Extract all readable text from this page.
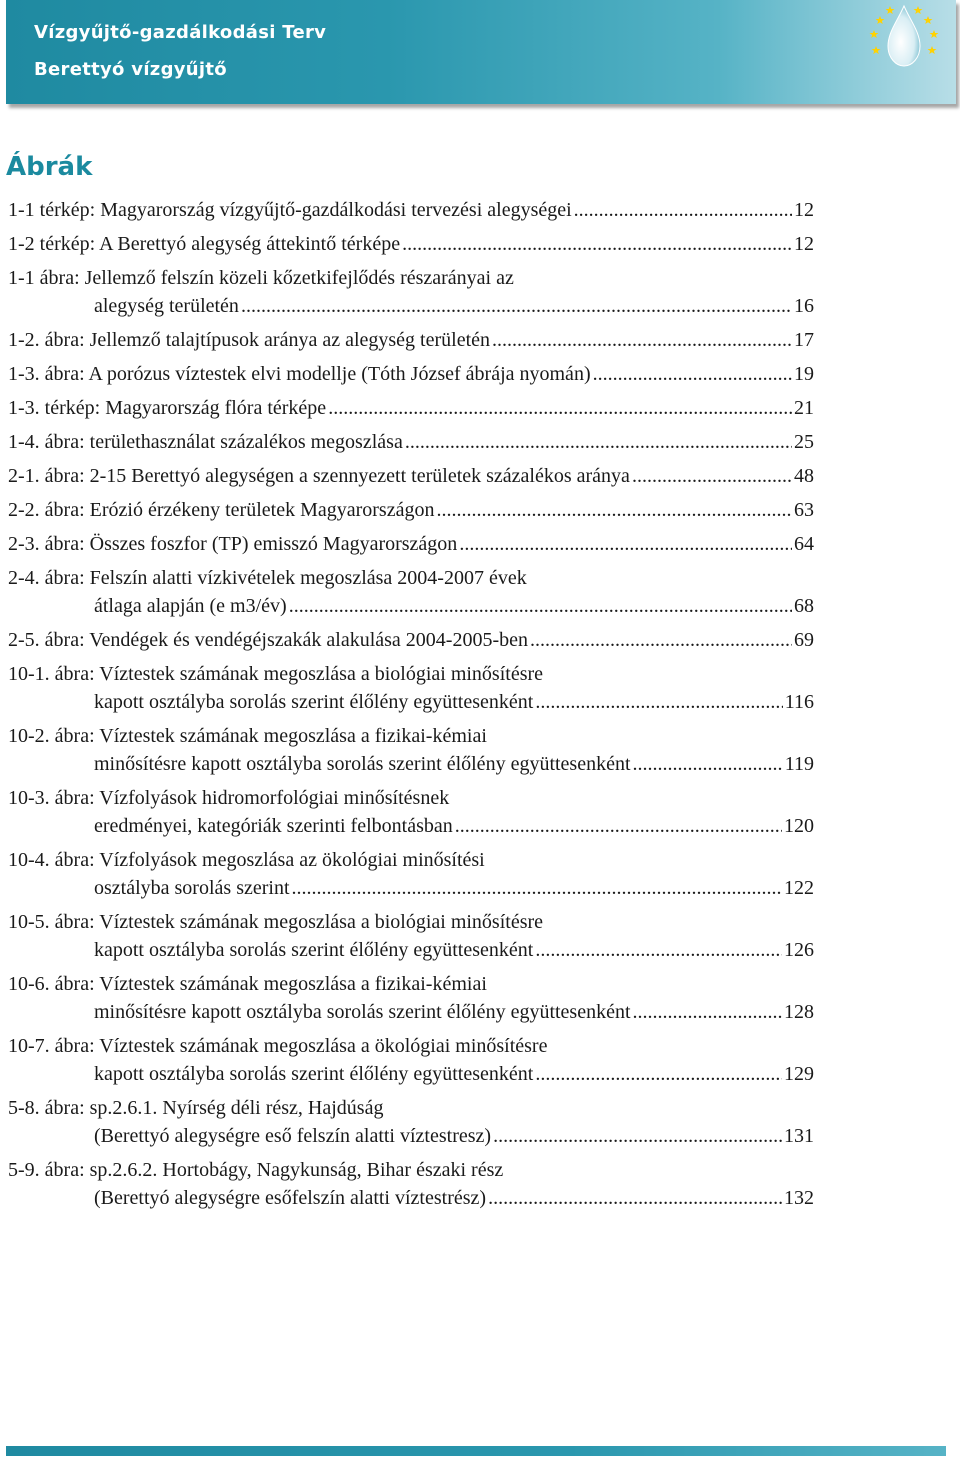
Vízgyűjtő-gazdálkodási Terv
Berettyó vízgyűjtő
Ábrák
1-1 térkép: Magyarország vízgyűjtő-gazdálkodási tervezési alegységei .....	12
1-2 térkép: A Berettyó alegység áttekintő térképe .....	12
1-1 ábra: Jellemző felszín közeli kőzetkifejlődés részarányai az
alegység területén .....	16
1-2. ábra: Jellemző talajtípusok aránya az alegység területén .....	17
1-3. ábra: A porózus víztestek elvi modellje (Tóth József ábrája nyomán) .....	19
1-3. térkép: Magyarország flóra térképe .....	21
1-4. ábra: területhasználat százalékos megoszlása .....	25
2-1. ábra: 2-15 Berettyó alegységen a szennyezett területek százalékos aránya .....	48
2-2. ábra: Erózió érzékeny területek Magyarországon .....	63
2-3. ábra: Összes foszfor (TP) emisszó Magyarországon .....	64
2-4. ábra: Felszín alatti vízkivételek megoszlása 2004-2007 évek
átlaga alapján (e m3/év) .....	68
2-5. ábra: Vendégek és vendégéjszakák alakulása 2004-2005-ben .....	69
10-1. ábra: Víztestek számának megoszlása a biológiai minősítésre
kapott osztályba sorolás szerint élőlény együttesenként .....	116
10-2. ábra: Víztestek számának megoszlása a fizikai-kémiai
minősítésre kapott osztályba sorolás szerint élőlény együttesenként .....	119
10-3. ábra: Vízfolyások hidromorfológiai minősítésnek
eredményei, kategóriák szerinti felbontásban .....	120
10-4. ábra: Vízfolyások megoszlása az ökológiai minősítési
osztályba sorolás szerint .....	122
10-5. ábra: Víztestek számának megoszlása a biológiai minősítésre
kapott osztályba sorolás szerint élőlény együttesenként .....	126
10-6. ábra: Víztestek számának megoszlása a fizikai-kémiai
minősítésre kapott osztályba sorolás szerint élőlény együttesenként .....	128
10-7. ábra: Víztestek számának megoszlása a ökológiai minősítésre
kapott osztályba sorolás szerint élőlény együttesenként .....	129
5-8. ábra: sp.2.6.1. Nyírség déli rész, Hajdúság
(Berettyó alegységre eső felszín alatti víztestresz) .....	131
5-9. ábra: sp.2.6.2. Hortobágy, Nagykunság, Bihar északi rész
(Berettyó alegységre esőfelszín alatti víztestrész) .....	132
